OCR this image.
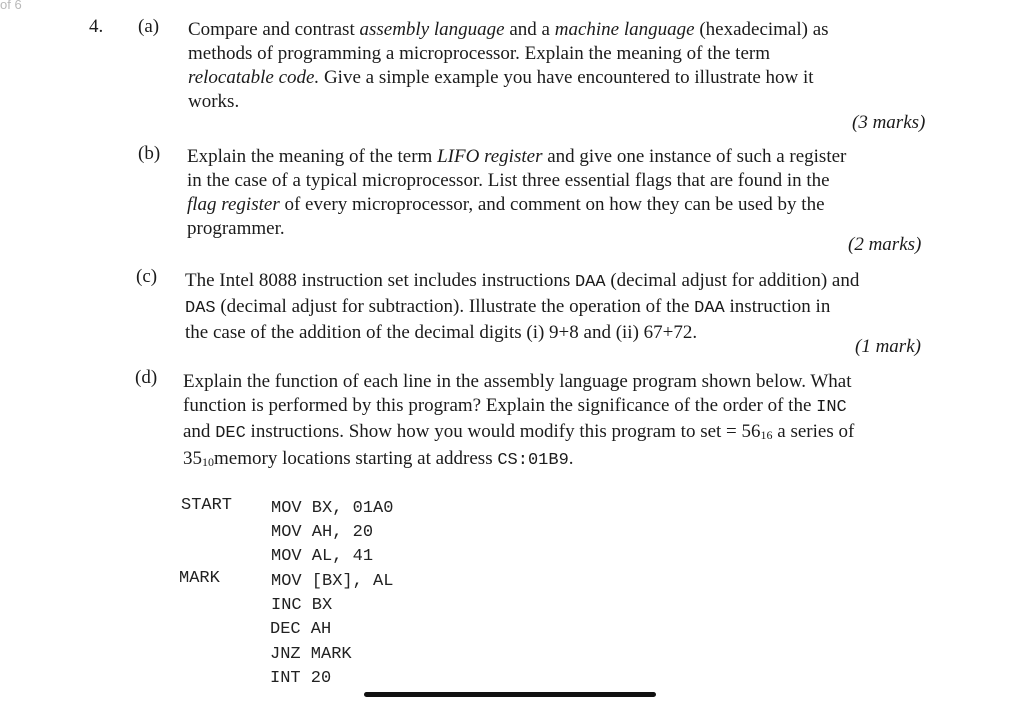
of 6
4. (a) Compare and contrast assembly language and a machine language (hexadecimal) as
methods of programming a microprocessor. Explain the meaning of the term
relocatable code. Give a simple example you have encountered to illustrate how it
works.
(3 marks)
(b) Explain the meaning of the term LIFO register and give one instance of such a register
in the case of a typical microprocessor. List three essential flags that are found in the
flag register of every microprocessor, and comment on how they can be used by the
programmer.
(2 marks)
(c) The Intel 8088 instruction set includes instructions DAA (decimal adjust for addition) and
DAS (decimal adjust for subtraction). Illustrate the operation of the DAA instruction in
the case of the addition of the decimal digits (i) 9+8 and (ii) 67+72.
(1 mark)
(d) Explain the function of each line in the assembly language program shown below. What
function is performed by this program? Explain the significance of the order of the INC
and DEC instructions. Show how you would modify this program to set = $56_{16}$ a series of
$35_{10}memory$ locations starting at address CS:01B9.
START
MARK
MOV BX, 01A0
MOV AH, 20
MOV AL, 41
MOV [BX], AL
INC BX
DEC AH
JNZ MARK
INT 20
